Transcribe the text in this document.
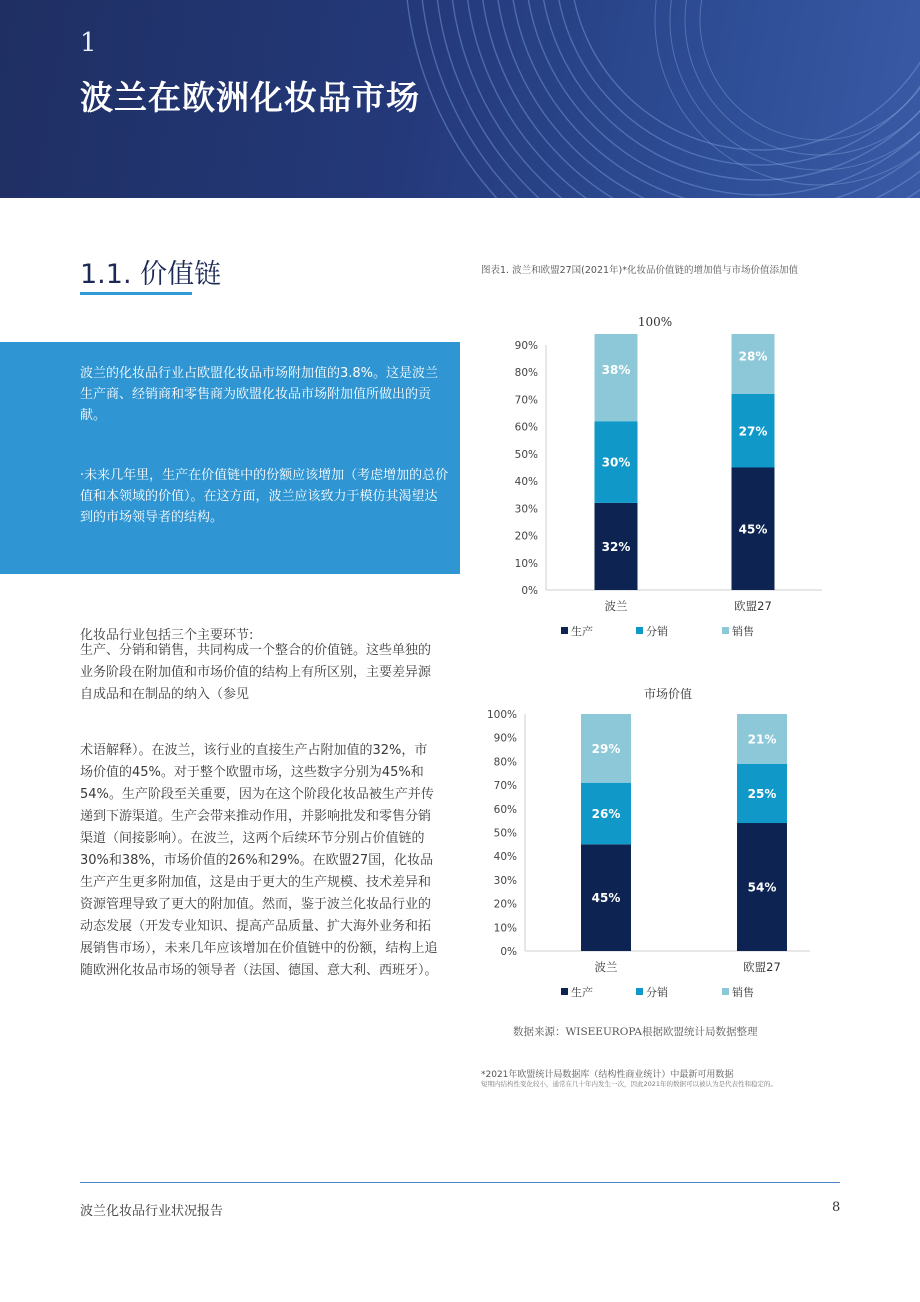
1
波兰在欧洲化妆品市场
1.1. 价值链
波兰的化妆品行业占欧盟化妆品市场附加值的3.8%。这是波兰生产商、经销商和零售商为欧盟化妆品市场附加值所做出的贡献。
·未来几年里，生产在价值链中的份额应该增加（考虑增加的总价值和本领域的价值）。在这方面，波兰应该致力于模仿其渴望达到的市场领导者的结构。
化妆品行业包括三个主要环节:
生产、分销和销售，共同构成一个整合的价值链。这些单独的业务阶段在附加值和市场价值的结构上有所区别，主要差异源自成品和在制品的纳入（参见
术语解释）。在波兰，该行业的直接生产占附加值的32%，市场价值的45%。对于整个欧盟市场，这些数字分别为45%和54%。生产阶段至关重要，因为在这个阶段化妆品被生产并传递到下游渠道。生产会带来推动作用，并影响批发和零售分销渠道（间接影响）。在波兰，这两个后续环节分别占价值链的30%和38%，市场价值的26%和29%。在欧盟27国，化妆品生产产生更多附加值，这是由于更大的生产规模、技术差异和资源管理导致了更大的附加值。然而，鉴于波兰化妆品行业的动态发展（开发专业知识、提高产品质量、扩大海外业务和拓展销售市场），未来几年应该增加在价值链中的份额，结构上追随欧洲化妆品市场的领导者（法国、德国、意大利、西班牙）。
图表1. 波兰和欧盟27国(2021年)*化妆品价值链的增加值与市场价值添加值
100%
0%
10%
20%
30%
40%
50%
60%
70%
80%
90%
32%
30%
38%
波兰
45%
27%
28%
欧盟27
生产	分销	销售
市场价值
0%
10%
20%
30%
40%
50%
60%
70%
80%
90%
100%
45%
26%
29%
波兰
54%
25%
21%
欧盟27
生产	分销	销售
数据来源：WISEEUROPA根据欧盟统计局数据整理
*2021年欧盟统计局数据库（结构性商业统计）中最新可用数据
短期内结构性变化较小，通常在几十年内发生一次，因此2021年的数据可以被认为是代表性和稳定的。
波兰化妆品行业状况报告	8
